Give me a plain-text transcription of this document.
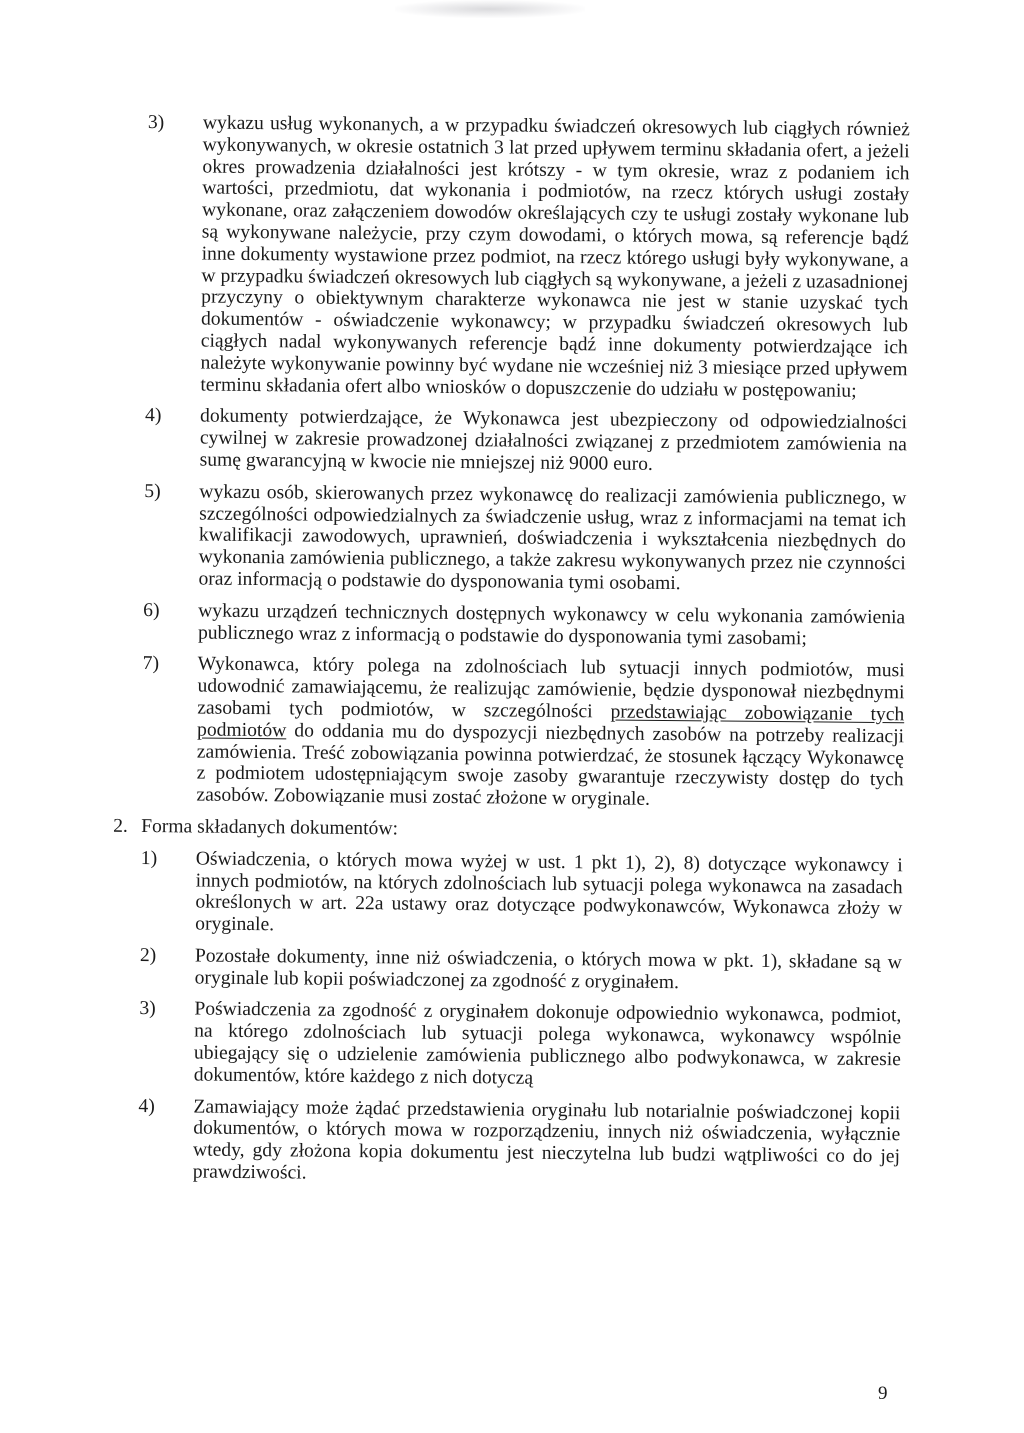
3) wykazu usług wykonanych, a w przypadku świadczeń okresowych lub ciągłych również wykonywanych, w okresie ostatnich 3 lat przed upływem terminu składania ofert, a jeżeli okres prowadzenia działalności jest krótszy - w tym okresie, wraz z podaniem ich wartości, przedmiotu, dat wykonania i podmiotów, na rzecz których usługi zostały wykonane, oraz załączeniem dowodów określających czy te usługi zostały wykonane lub są wykonywane należycie, przy czym dowodami, o których mowa, są referencje bądź inne dokumenty wystawione przez podmiot, na rzecz którego usługi były wykonywane, a w przypadku świadczeń okresowych lub ciągłych są wykonywane, a jeżeli z uzasadnionej przyczyny o obiektywnym charakterze wykonawca nie jest w stanie uzyskać tych dokumentów - oświadczenie wykonawcy; w przypadku świadczeń okresowych lub ciągłych nadal wykonywanych referencje bądź inne dokumenty potwierdzające ich należyte wykonywanie powinny być wydane nie wcześniej niż 3 miesiące przed upływem terminu składania ofert albo wniosków o dopuszczenie do udziału w postępowaniu;
4) dokumenty potwierdzające, że Wykonawca jest ubezpieczony od odpowiedzialności cywilnej w zakresie prowadzonej działalności związanej z przedmiotem zamówienia na sumę gwarancyjną w kwocie nie mniejszej niż 9000 euro.
5) wykazu osób, skierowanych przez wykonawcę do realizacji zamówienia publicznego, w szczególności odpowiedzialnych za świadczenie usług, wraz z informacjami na temat ich kwalifikacji zawodowych, uprawnień, doświadczenia i wykształcenia niezbędnych do wykonania zamówienia publicznego, a także zakresu wykonywanych przez nie czynności oraz informacją o podstawie do dysponowania tymi osobami.
6) wykazu urządzeń technicznych dostępnych wykonawcy w celu wykonania zamówienia publicznego wraz z informacją o podstawie do dysponowania tymi zasobami;
7) Wykonawca, który polega na zdolnościach lub sytuacji innych podmiotów, musi udowodnić zamawiającemu, że realizując zamówienie, będzie dysponował niezbędnymi zasobami tych podmiotów, w szczególności przedstawiając zobowiązanie tych podmiotów do oddania mu do dyspozycji niezbędnych zasobów na potrzeby realizacji zamówienia. Treść zobowiązania powinna potwierdzać, że stosunek łączący Wykonawcę z podmiotem udostępniającym swoje zasoby gwarantuje rzeczywisty dostęp do tych zasobów. Zobowiązanie musi zostać złożone w oryginale.
2. Forma składanych dokumentów:
1) Oświadczenia, o których mowa wyżej w ust. 1 pkt 1), 2), 8) dotyczące wykonawcy i innych podmiotów, na których zdolnościach lub sytuacji polega wykonawca na zasadach określonych w art. 22a ustawy oraz dotyczące podwykonawców, Wykonawca złoży w oryginale.
2) Pozostałe dokumenty, inne niż oświadczenia, o których mowa w pkt. 1), składane są w oryginale lub kopii poświadczonej za zgodność z oryginałem.
3) Poświadczenia za zgodność z oryginałem dokonuje odpowiednio wykonawca, podmiot, na którego zdolnościach lub sytuacji polega wykonawca, wykonawcy wspólnie ubiegający się o udzielenie zamówienia publicznego albo podwykonawca, w zakresie dokumentów, które każdego z nich dotyczą
4) Zamawiający może żądać przedstawienia oryginału lub notarialnie poświadczonej kopii dokumentów, o których mowa w rozporządzeniu, innych niż oświadczenia, wyłącznie wtedy, gdy złożona kopia dokumentu jest nieczytelna lub budzi wątpliwości co do jej prawdziwości.
9
